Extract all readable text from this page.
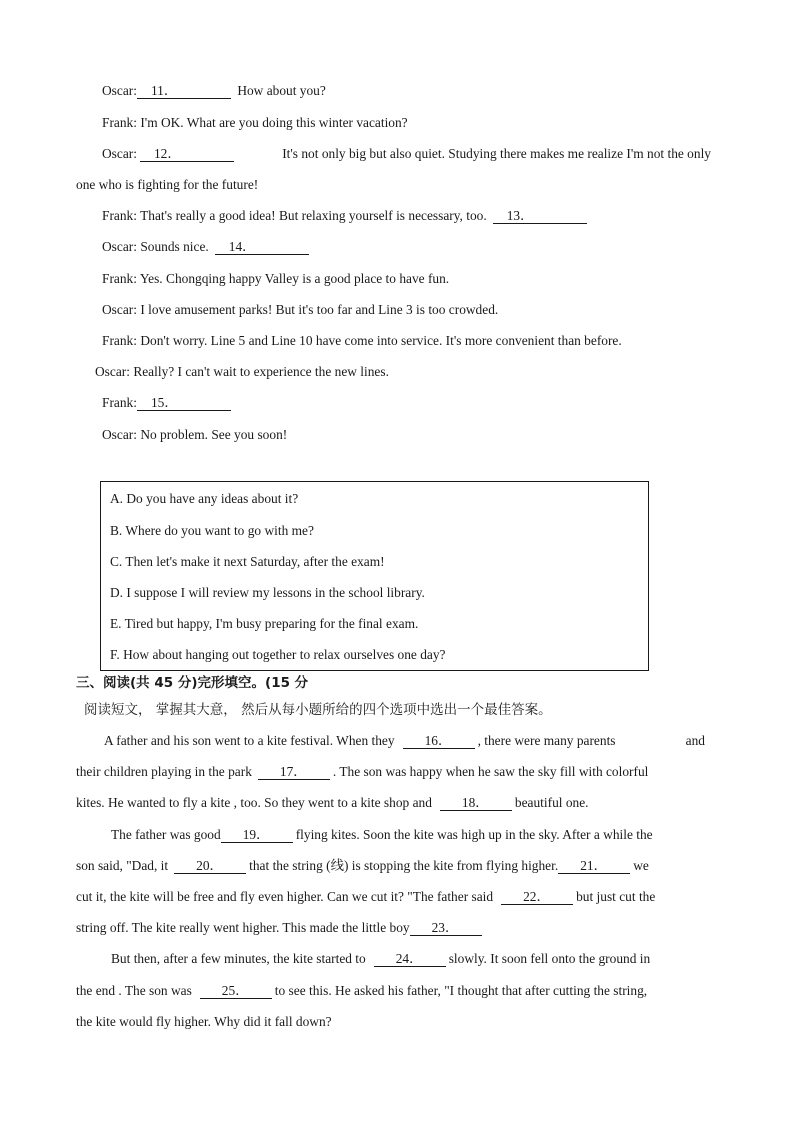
Oscar: 11．	How about you?
Frank: I'm OK. What are you doing this winter vacation?
Oscar: 12．	It's not only big but also quiet. Studying there makes me realize I'm not the only
one who is fighting for the future!
Frank: That's really a good idea! But relaxing yourself is necessary, too. 13．
Oscar: Sounds nice. 14．
Frank: Yes. Chongqing happy Valley is a good place to have fun.
Oscar: I love amusement parks! But it's too far and Line 3 is too crowded.
Frank: Don't worry. Line 5 and Line 10 have come into service. It's more convenient than before.
Oscar: Really? I can't wait to experience the new lines.
Frank: 15．
Oscar: No problem. See you soon!
A. Do you have any ideas about it?
B. Where do you want to go with me?
C. Then let's make it next Saturday, after the exam!
D. I suppose I will review my lessons in the school library.
E. Tired but happy, I'm busy preparing for the final exam.
F. How about hanging out together to relax ourselves one day?
三、阅读(共 45 分)完形填空。(15 分
阅读短文， 掌握其大意， 然后从每小题所给的四个选项中选出一个最佳答案。
A father and his son went to a kite festival. When they 16． , there were many parents	and
their children playing in the park 17． . The son was happy when he saw the sky fill with colorful
kites. He wanted to fly a kite , too. So they went to a kite shop and 18． beautiful one.
The father was good 19． flying kites. Soon the kite was high up in the sky. After a while the
son said, "Dad, it 20． that the string (线) is stopping the kite from flying higher. 21． we
cut it, the kite will be free and fly even higher. Can we cut it? "The father said 22． but just cut the
string off. The kite really went higher. This made the little boy 23．
But then, after a few minutes, the kite started to 24． slowly. It soon fell onto the ground in
the end . The son was 25． to see this. He asked his father, "I thought that after cutting the string,
the kite would fly higher. Why did it fall down?
